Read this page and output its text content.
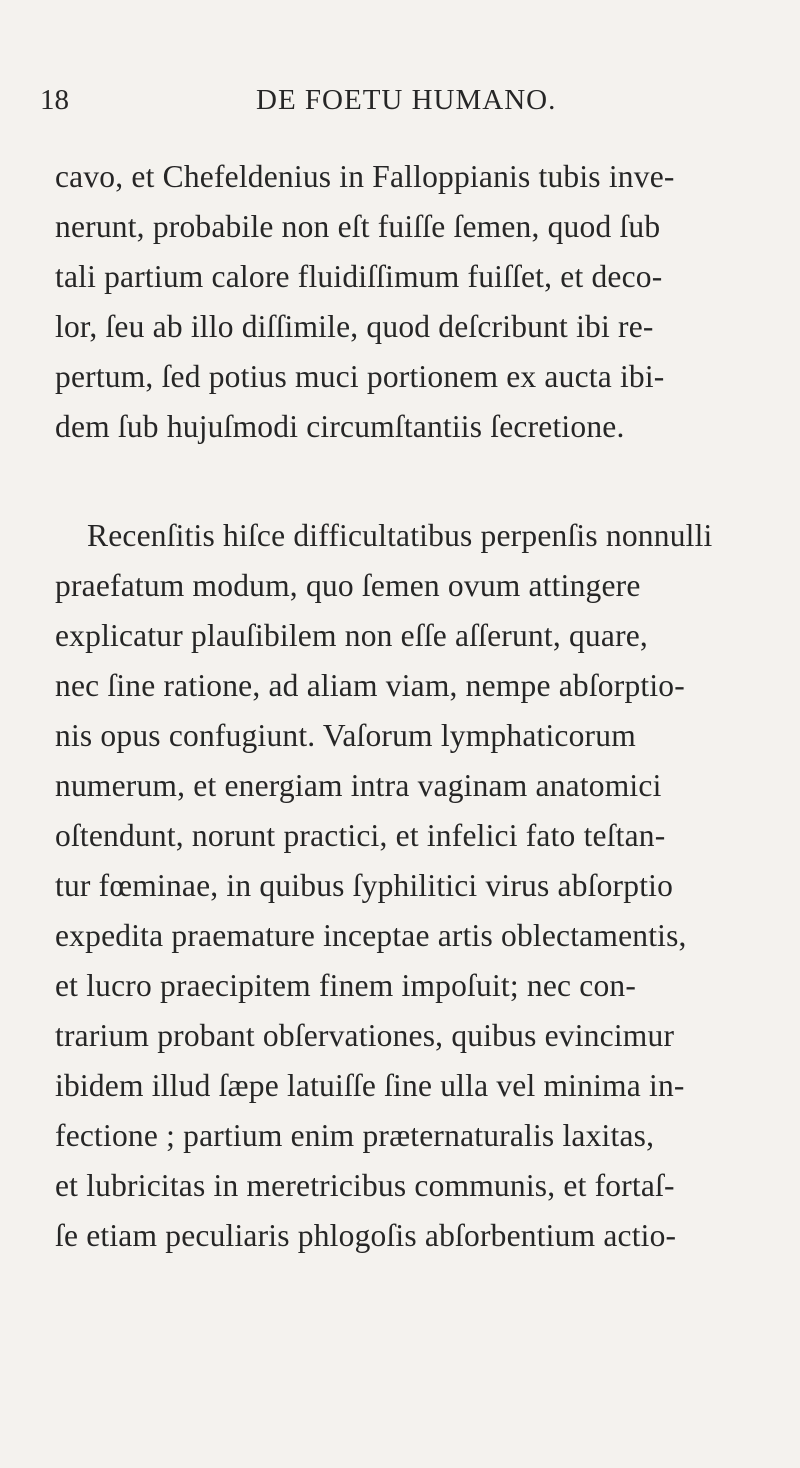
18	DE FOETU HUMANO.
cavo, et Chefeldenius in Falloppianis tubis inve-
nerunt, probabile non eſt fuiſſe ſemen, quod ſub
tali partium calore fluidiſſimum fuiſſet, et deco-
lor, ſeu ab illo diſſimile, quod deſcribunt ibi re-
pertum, ſed potius muci portionem ex aucta ibi-
dem ſub hujuſmodi circumſtantiis ſecretione.
Recenſitis hiſce difficultatibus perpenſis nonnulli
praefatum modum, quo ſemen ovum attingere
explicatur plauſibilem non eſſe aſſerunt, quare,
nec ſine ratione, ad aliam viam, nempe abſorptio-
nis opus confugiunt. Vaſorum lymphaticorum
numerum, et energiam intra vaginam anatomici
oſtendunt, norunt practici, et infelici fato teſtan-
tur fœminae, in quibus ſyphilitici virus abſorptio
expedita praemature inceptae artis oblectamentis,
et lucro praecipitem finem impoſuit; nec con-
trarium probant obſervationes, quibus evincimur
ibidem illud ſæpe latuiſſe ſine ulla vel minima in-
fectione ; partium enim præternaturalis laxitas,
et lubricitas in meretricibus communis, et fortaſ-
ſe etiam peculiaris phlogoſis abſorbentium actio-
